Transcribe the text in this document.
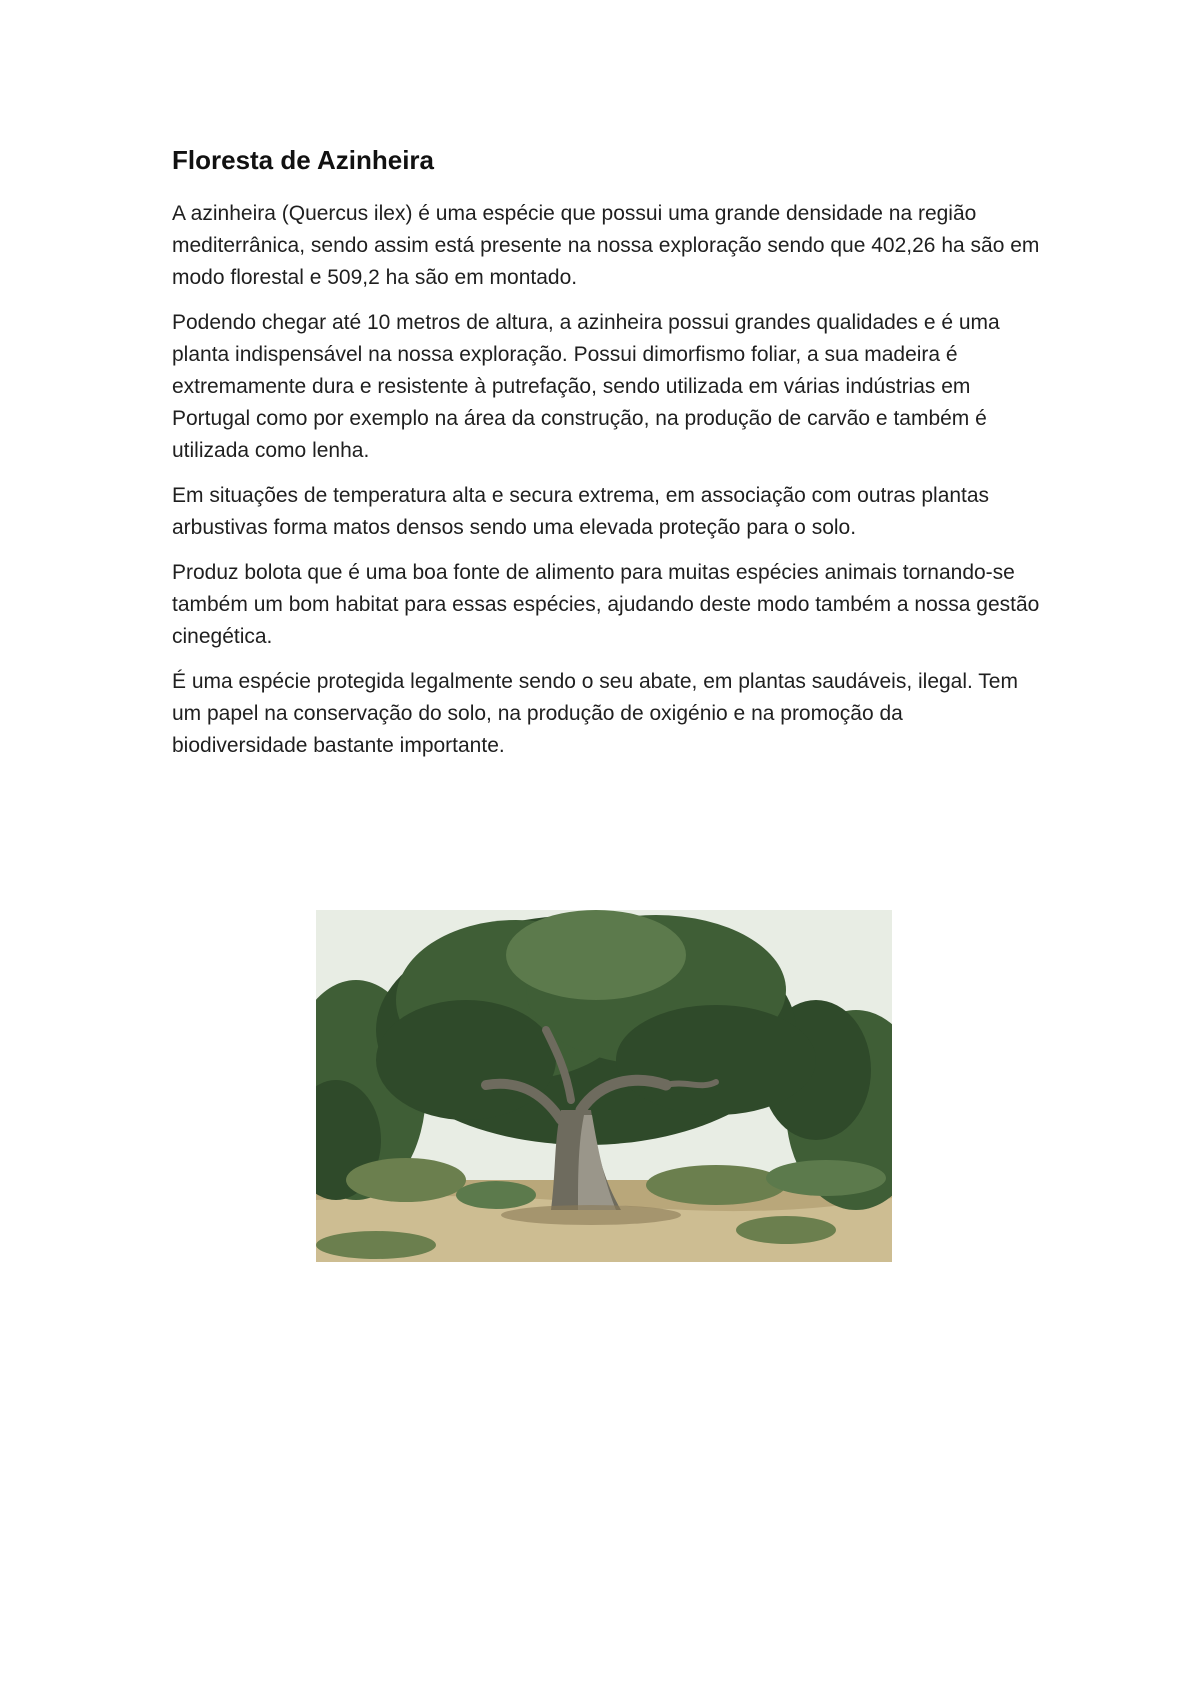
Floresta de Azinheira

A azinheira (Quercus ilex) é uma espécie que possui uma grande densidade na região mediterrânica, sendo assim está presente na nossa exploração sendo que 402,26 ha são em modo florestal e 509,2 ha são em montado.

Podendo chegar até 10 metros de altura, a azinheira possui grandes qualidades e é uma planta indispensável na nossa exploração. Possui dimorfismo foliar, a sua madeira é extremamente dura e resistente à putrefação, sendo utilizada em várias indústrias em Portugal como por exemplo na área da construção, na produção de carvão e também é utilizada como lenha.

Em situações de temperatura alta e secura extrema, em associação com outras plantas arbustivas forma matos densos sendo uma elevada proteção para o solo.

Produz bolota que é uma boa fonte de alimento para muitas espécies animais tornando-se também um bom habitat para essas espécies, ajudando deste modo também a nossa gestão cinegética.

É uma espécie protegida legalmente sendo o seu abate, em plantas saudáveis, ilegal. Tem um papel na conservação do solo, na produção de oxigénio e na promoção da biodiversidade bastante importante.
